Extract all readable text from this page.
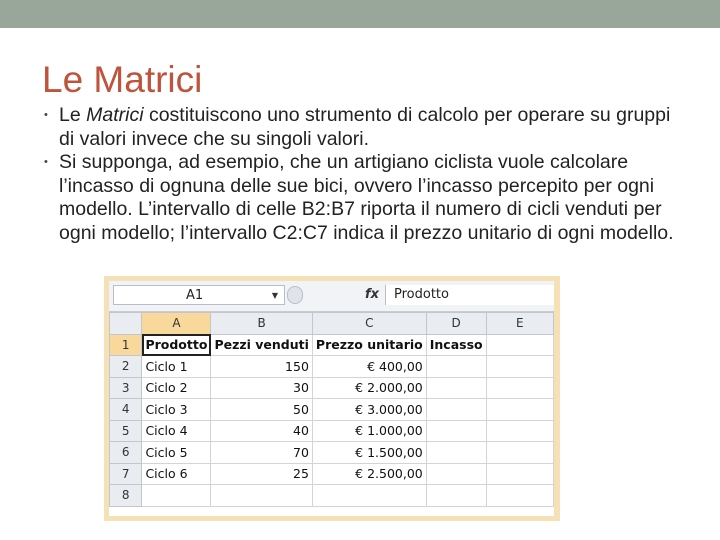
Le Matrici

• Le Matrici costituiscono uno strumento di calcolo per operare su gruppi di valori invece che su singoli valori.

• Si supponga, ad esempio, che un artigiano ciclista vuole calcolare l’incasso di ognuna delle sue bici, ovvero l’incasso percepito per ogni modello. L’intervallo di celle B2:B7 riporta il numero di cicli venduti per ogni modello; l’intervallo C2:C7 indica il prezzo unitario di ogni modello.

A1	▼	fx	Prodotto
	A	B	C	D	E
1	Prodotto	Pezzi venduti	Prezzo unitario	Incasso	
2	Ciclo 1	150	€ 400,00		
3	Ciclo 2	30	€ 2.000,00		
4	Ciclo 3	50	€ 3.000,00		
5	Ciclo 4	40	€ 1.000,00		
6	Ciclo 5	70	€ 1.500,00		
7	Ciclo 6	25	€ 2.500,00		
8					
